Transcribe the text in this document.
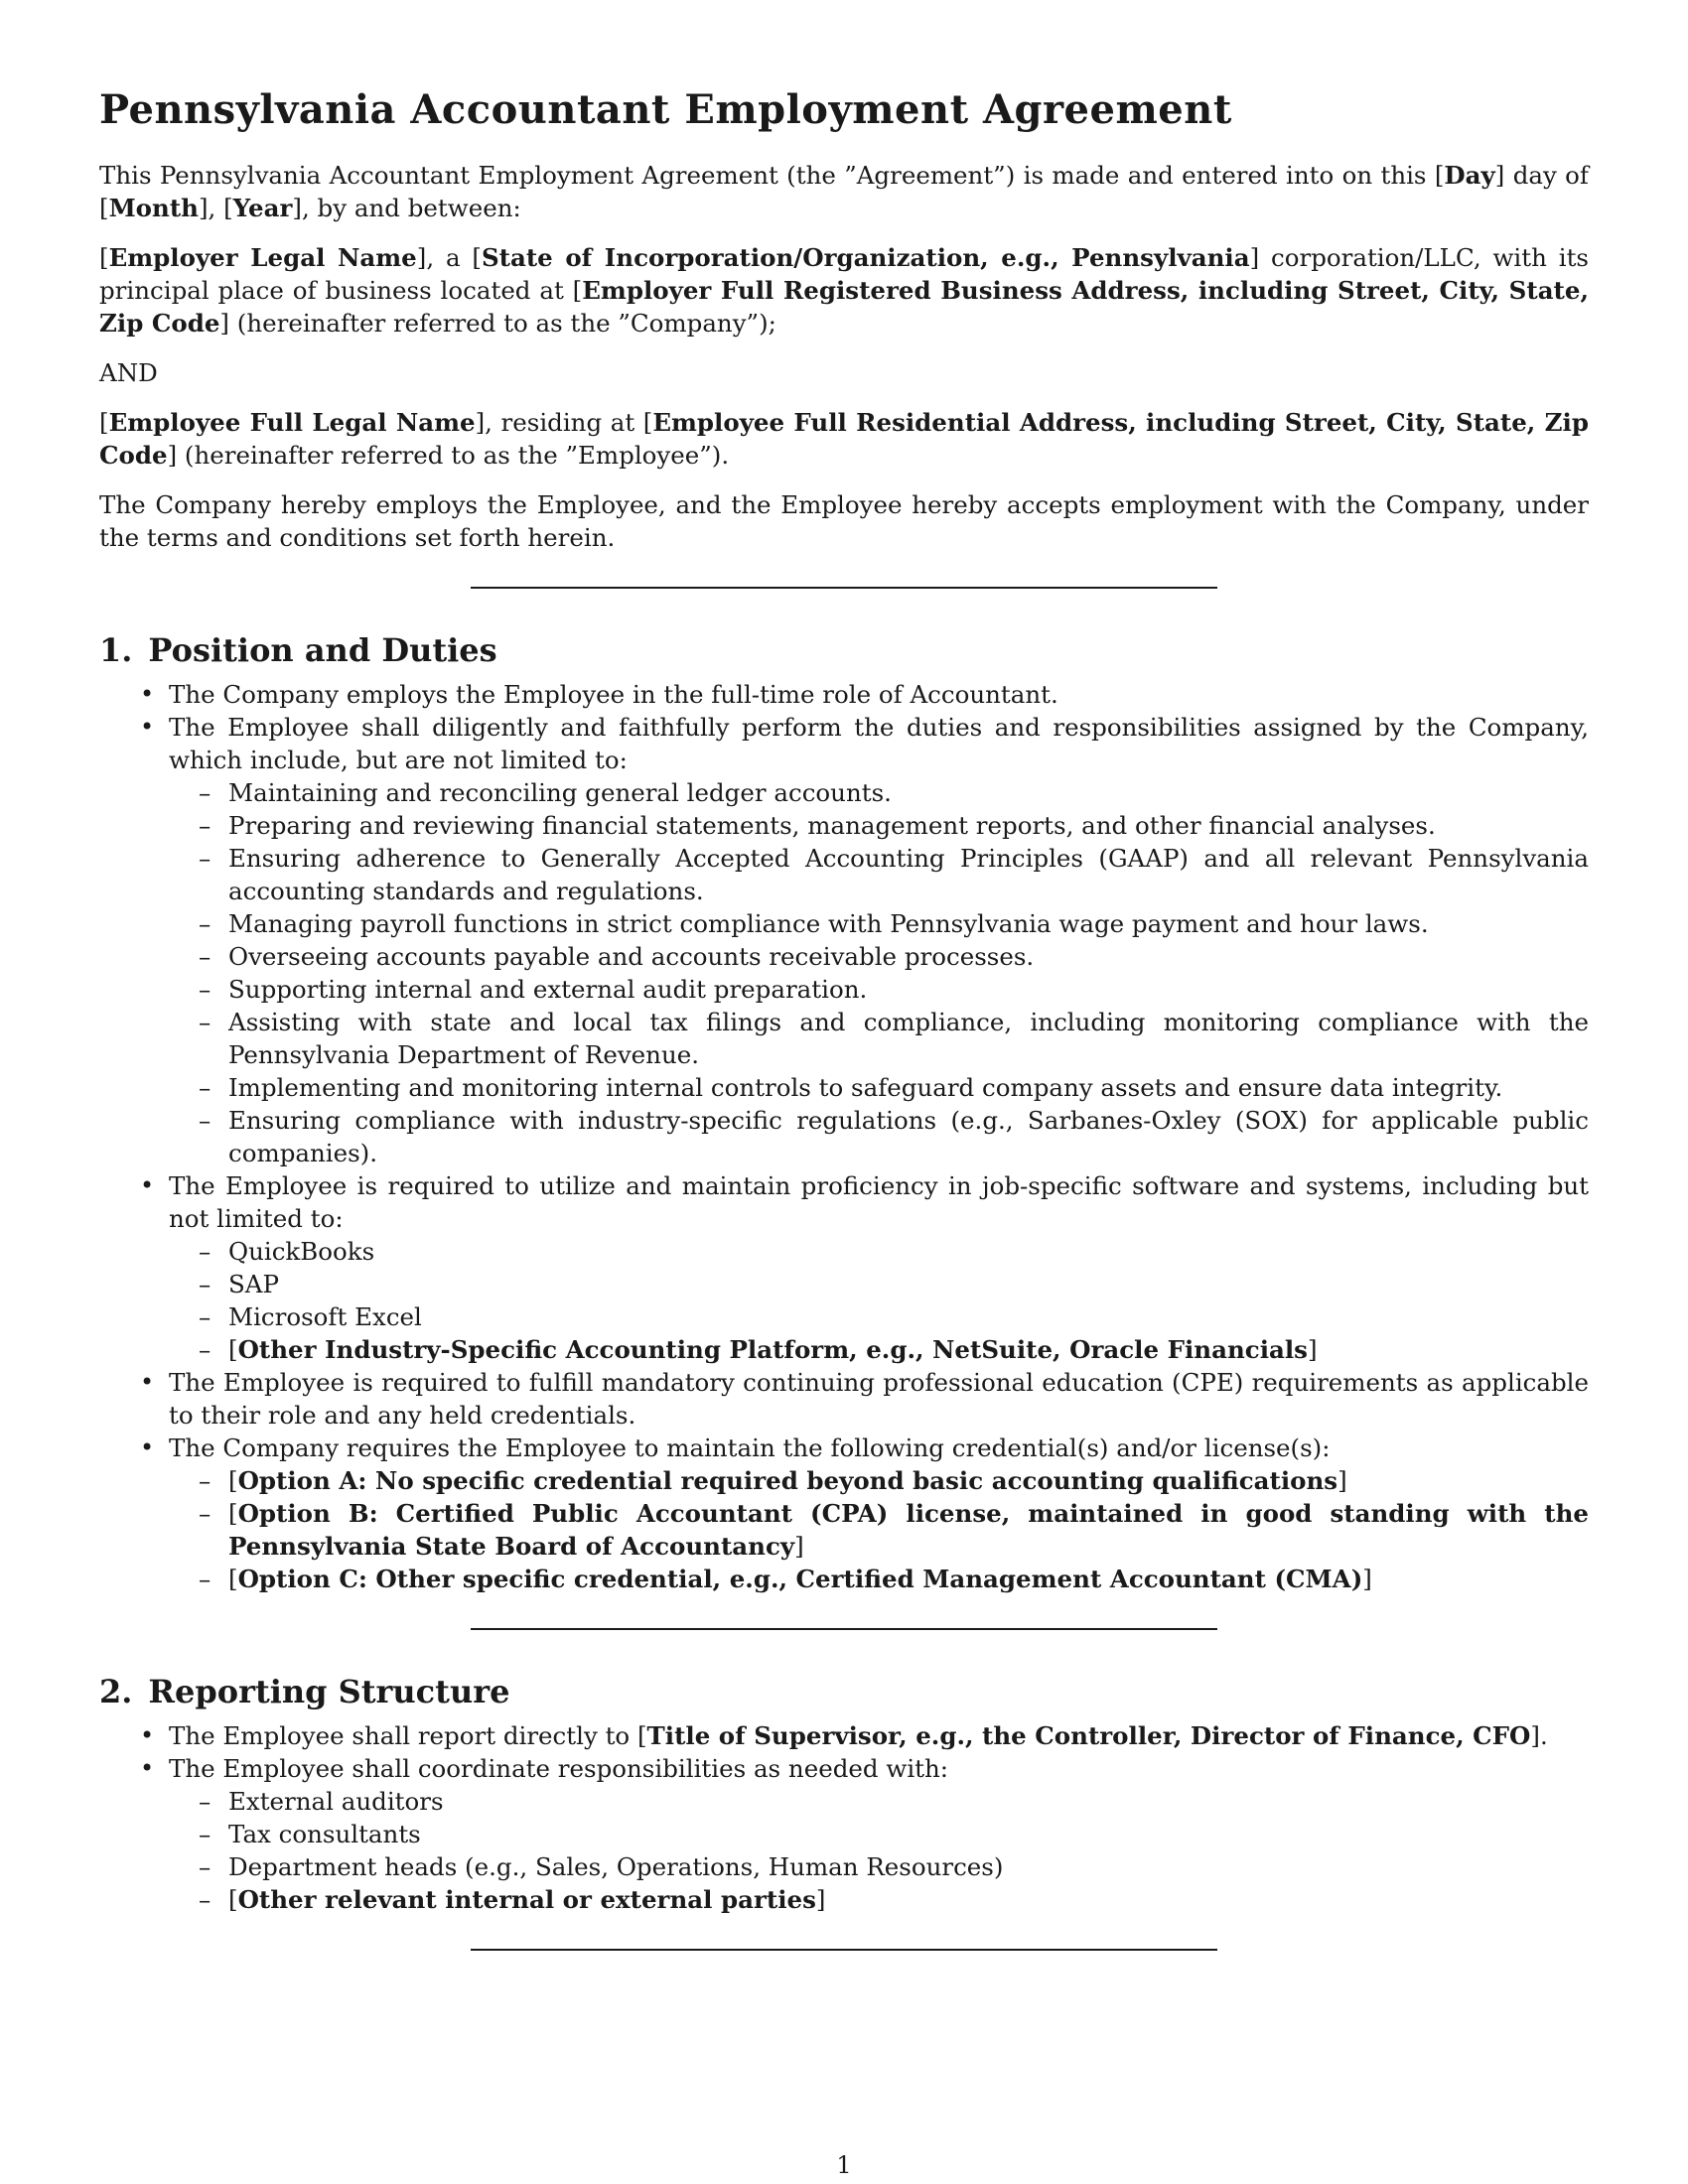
Pennsylvania Accountant Employment Agreement

This Pennsylvania Accountant Employment Agreement (the ”Agreement”) is made and entered into on this [Day] day of [Month], [Year], by and between:

[Employer Legal Name], a [State of Incorporation/Organization, e.g., Pennsylvania] corporation/LLC, with its principal place of business located at [Employer Full Registered Business Address, including Street, City, State, Zip Code] (hereinafter referred to as the ”Company”);

AND

[Employee Full Legal Name], residing at [Employee Full Residential Address, including Street, City, State, Zip Code] (hereinafter referred to as the ”Employee”).

The Company hereby employs the Employee, and the Employee hereby accepts employment with the Company, under the terms and conditions set forth herein.

1. Position and Duties
• The Company employs the Employee in the full-time role of Accountant.
• The Employee shall diligently and faithfully perform the duties and responsibilities assigned by the Company, which include, but are not limited to:
– Maintaining and reconciling general ledger accounts.
– Preparing and reviewing financial statements, management reports, and other financial analyses.
– Ensuring adherence to Generally Accepted Accounting Principles (GAAP) and all relevant Pennsylvania accounting standards and regulations.
– Managing payroll functions in strict compliance with Pennsylvania wage payment and hour laws.
– Overseeing accounts payable and accounts receivable processes.
– Supporting internal and external audit preparation.
– Assisting with state and local tax filings and compliance, including monitoring compliance with the Pennsylvania Department of Revenue.
– Implementing and monitoring internal controls to safeguard company assets and ensure data integrity.
– Ensuring compliance with industry-specific regulations (e.g., Sarbanes-Oxley (SOX) for applicable public companies).
• The Employee is required to utilize and maintain proficiency in job-specific software and systems, including but not limited to:
– QuickBooks
– SAP
– Microsoft Excel
– [Other Industry-Specific Accounting Platform, e.g., NetSuite, Oracle Financials]
• The Employee is required to fulfill mandatory continuing professional education (CPE) requirements as applicable to their role and any held credentials.
• The Company requires the Employee to maintain the following credential(s) and/or license(s):
– [Option A: No specific credential required beyond basic accounting qualifications]
– [Option B: Certified Public Accountant (CPA) license, maintained in good standing with the Pennsylvania State Board of Accountancy]
– [Option C: Other specific credential, e.g., Certified Management Accountant (CMA)]
2. Reporting Structure
• The Employee shall report directly to [Title of Supervisor, e.g., the Controller, Director of Finance, CFO].
• The Employee shall coordinate responsibilities as needed with:
– External auditors
– Tax consultants
– Department heads (e.g., Sales, Operations, Human Resources)
– [Other relevant internal or external parties]
1
